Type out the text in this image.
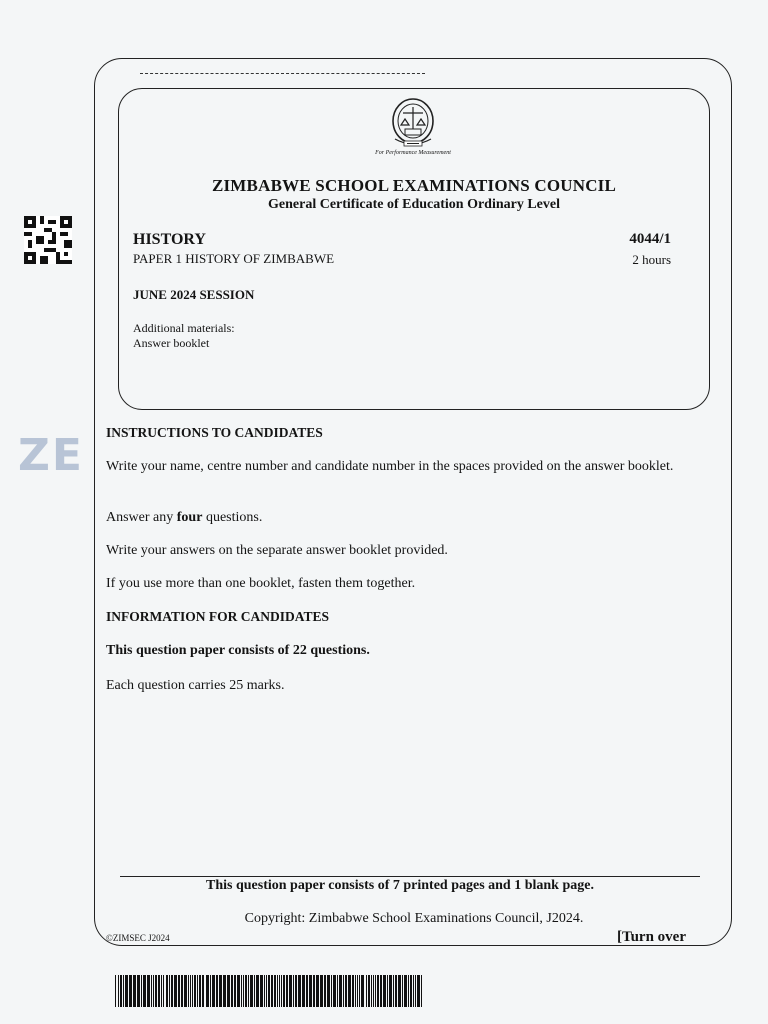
For Performance Measurement
ZIMBABWE SCHOOL EXAMINATIONS COUNCIL
General Certificate of Education Ordinary Level
HISTORY	4044/1
PAPER 1 HISTORY OF ZIMBABWE	2 hours
JUNE 2024 SESSION
Additional materials:
Answer booklet
INSTRUCTIONS TO CANDIDATES
Write your name, centre number and candidate number in the spaces provided on the answer booklet.
Answer any four questions.
Write your answers on the separate answer booklet provided.
If you use more than one booklet, fasten them together.
INFORMATION FOR CANDIDATES
This question paper consists of 22 questions.
Each question carries 25 marks.
This question paper consists of 7 printed pages and 1 blank page.
Copyright: Zimbabwe School Examinations Council, J2024.
©ZIMSEC J2024	[Turn over
ZE
